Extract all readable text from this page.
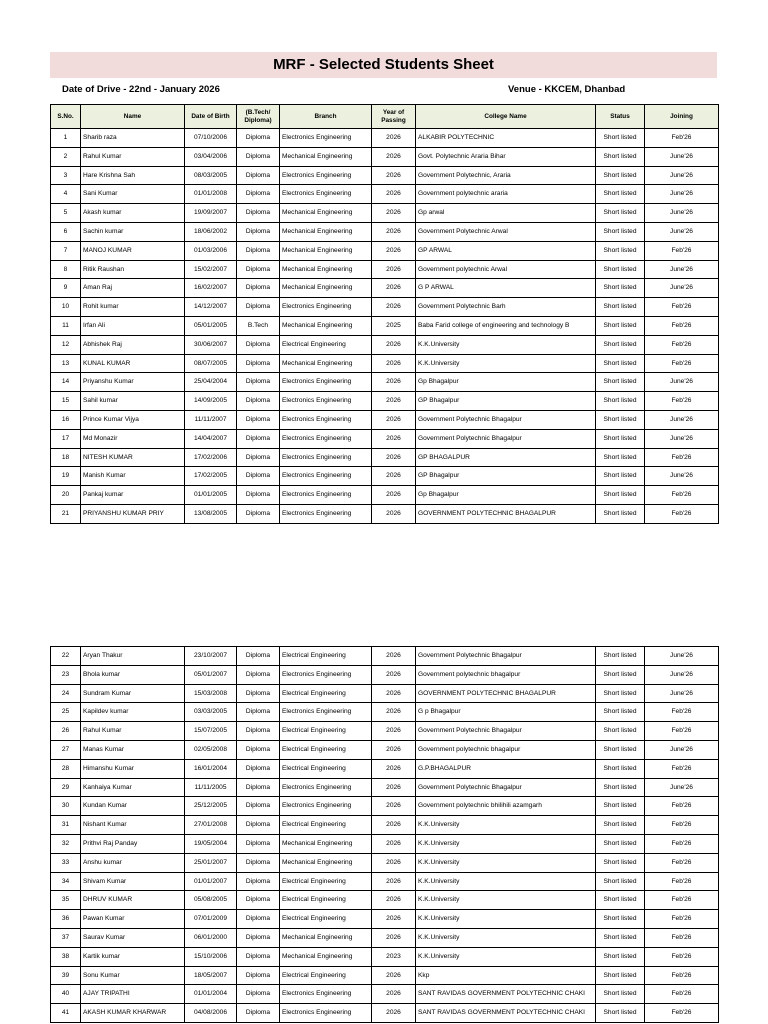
MRF - Selected Students Sheet
Date of Drive - 22nd - January 2026	Venue - KKCEM, Dhanbad
S.No.	Name	Date of Birth	(B.Tech/ Diploma)	Branch	Year of Passing	College Name	Status	Joining
1	Sharib raza	07/10/2006	Diploma	Electronics Engineering	2026	ALKABIR POLYTECHNIC	Short listed	Feb'26
2	Rahul Kumar	03/04/2006	Diploma	Mechanical Engineering	2026	Govt. Polytechnic Araria Bihar	Short listed	June'26
3	Hare Krishna Sah	08/03/2005	Diploma	Electronics Engineering	2026	Government Polytechnic, Araria	Short listed	June'26
4	Sani Kumar	01/01/2008	Diploma	Electronics Engineering	2026	Government polytechnic araria	Short listed	June'26
5	Akash kumar	19/09/2007	Diploma	Mechanical Engineering	2026	Gp arwal	Short listed	June'26
6	Sachin kumar	18/06/2002	Diploma	Mechanical Engineering	2026	Government Polytechnic Arwal	Short listed	June'26
7	MANOJ KUMAR	01/03/2006	Diploma	Mechanical Engineering	2026	GP ARWAL	Short listed	Feb'26
8	Ritik Raushan	15/02/2007	Diploma	Mechanical Engineering	2026	Government polytechnic Arwal	Short listed	June'26
9	Aman Raj	16/02/2007	Diploma	Mechanical Engineering	2026	G P ARWAL	Short listed	June'26
10	Rohit kumar	14/12/2007	Diploma	Electronics Engineering	2026	Government Polytechnic Barh	Short listed	Feb'26
11	Irfan Ali	05/01/2005	B.Tech	Mechanical Engineering	2025	Baba Farid college of engineering and technology B	Short listed	Feb'26
12	Abhishek Raj	30/06/2007	Diploma	Electrical Engineering	2026	K.K.University	Short listed	Feb'26
13	KUNAL KUMAR	08/07/2005	Diploma	Mechanical Engineering	2026	K.K.University	Short listed	Feb'26
14	Priyanshu Kumar	25/04/2004	Diploma	Electronics Engineering	2026	Gp Bhagalpur	Short listed	June'26
15	Sahil kumar	14/09/2005	Diploma	Electronics Engineering	2026	GP Bhagalpur	Short listed	Feb'26
16	Prince Kumar Vijya	11/11/2007	Diploma	Electronics Engineering	2026	Government Polytechnic Bhagalpur	Short listed	June'26
17	Md Monazir	14/04/2007	Diploma	Electronics Engineering	2026	Government Polytechnic Bhagalpur	Short listed	June'26
18	NITESH KUMAR	17/02/2006	Diploma	Electronics Engineering	2026	GP BHAGALPUR	Short listed	Feb'26
19	Manish Kumar	17/02/2005	Diploma	Electronics Engineering	2026	GP Bhagalpur	Short listed	June'26
20	Pankaj kumar	01/01/2005	Diploma	Electronics Engineering	2026	Gp Bhagalpur	Short listed	Feb'26
21	PRIYANSHU KUMAR PRIY	13/08/2005	Diploma	Electronics Engineering	2026	GOVERNMENT POLYTECHNIC BHAGALPUR	Short listed	Feb'26
22	Aryan Thakur	23/10/2007	Diploma	Electrical Engineering	2026	Government Polytechnic Bhagalpur	Short listed	June'26
23	Bhola kumar	05/01/2007	Diploma	Electronics Engineering	2026	Government polytechnic bhagalpur	Short listed	June'26
24	Sundram Kumar	15/03/2008	Diploma	Electrical Engineering	2026	GOVERNMENT POLYTECHNIC BHAGALPUR	Short listed	June'26
25	Kapildev kumar	03/03/2005	Diploma	Electronics Engineering	2026	G p Bhagalpur	Short listed	Feb'26
26	Rahul Kumar	15/07/2005	Diploma	Electrical Engineering	2026	Government Polytechnic Bhagalpur	Short listed	Feb'26
27	Manas Kumar	02/05/2008	Diploma	Electrical Engineering	2026	Government polytechnic bhagalpur	Short listed	June'26
28	Himanshu Kumar	16/01/2004	Diploma	Electrical Engineering	2026	G.P.BHAGALPUR	Short listed	Feb'26
29	Kanhaiya Kumar	11/11/2005	Diploma	Electronics Engineering	2026	Government Polytechnic Bhagalpur	Short listed	June'26
30	Kundan Kumar	25/12/2005	Diploma	Electronics Engineering	2026	Government polytechnic bhilihili azamgarh	Short listed	Feb'26
31	Nishant Kumar	27/01/2008	Diploma	Electrical Engineering	2026	K.K.University	Short listed	Feb'26
32	Prithvi Raj Panday	19/05/2004	Diploma	Mechanical Engineering	2026	K.K.University	Short listed	Feb'26
33	Anshu kumar	25/01/2007	Diploma	Mechanical Engineering	2026	K.K.University	Short listed	Feb'26
34	Shivam Kumar	01/01/2007	Diploma	Electrical Engineering	2026	K.K.University	Short listed	Feb'26
35	DHRUV KUMAR	05/08/2005	Diploma	Electrical Engineering	2026	K.K.University	Short listed	Feb'26
36	Pawan Kumar	07/01/2009	Diploma	Electrical Engineering	2026	K.K.University	Short listed	Feb'26
37	Saurav Kumar	06/01/2000	Diploma	Mechanical Engineering	2026	K.K.University	Short listed	Feb'26
38	Kartik kumar	15/10/2006	Diploma	Mechanical Engineering	2023	K.K.University	Short listed	Feb'26
39	Sonu Kumar	18/05/2007	Diploma	Electrical Engineering	2026	Kkp	Short listed	Feb'26
40	AJAY TRIPATHI	01/01/2004	Diploma	Electronics Engineering	2026	SANT RAVIDAS GOVERNMENT POLYTECHNIC CHAKI	Short listed	Feb'26
41	AKASH KUMAR KHARWAR	04/08/2006	Diploma	Electronics Engineering	2026	SANT RAVIDAS GOVERNMENT POLYTECHNIC CHAKI	Short listed	Feb'26
